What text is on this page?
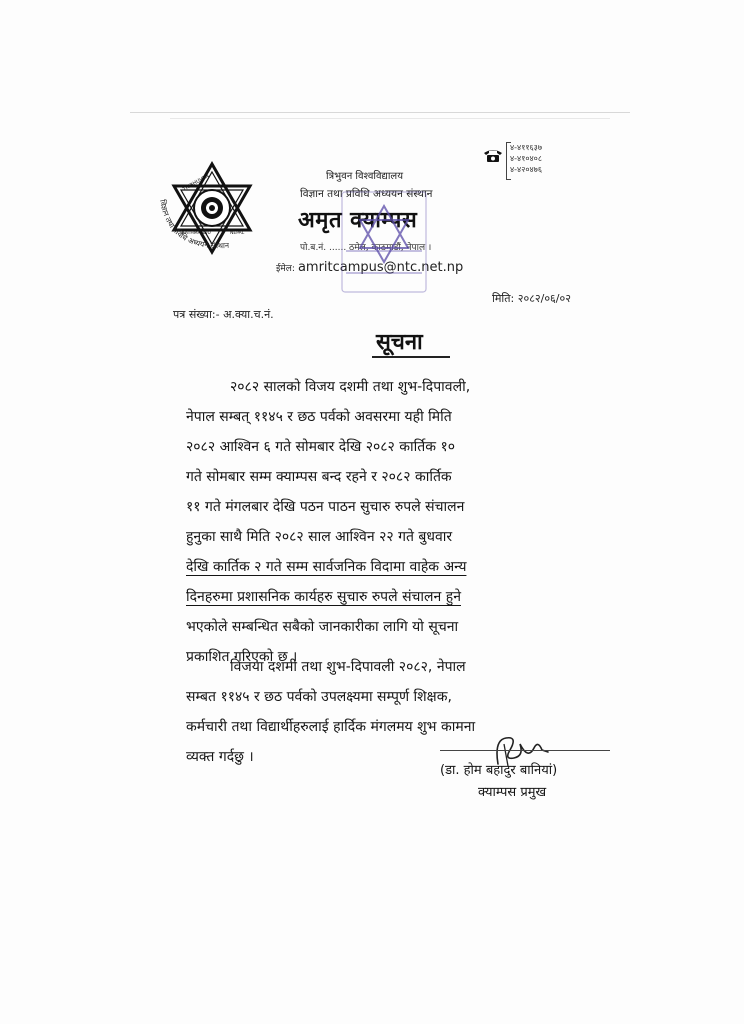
TRIBHUVAN
KATHMANDU	NEPAL
विज्ञान तथा प्रविधि अध्ययन संस्थान
त्रिभुवन विश्वविद्यालय
विज्ञान तथा प्रविधि अध्ययन संस्थान
अमृत क्याम्पस
पो.ब.नं. ...... ठमेल, काठमाडौं, नेपाल ।
ईमेल: amritcampus@ntc.net.np
४-४११६३७
४-४१०४०८
४-४२०४७६
पत्र संख्या:- अ.क्या.च.नं.
मिति: २०८२/०६/०२
सूचना
२०८२ सालको विजय दशमी तथा शुभ-दिपावली,
नेपाल सम्बत् ११४५ र छठ पर्वको अवसरमा यही मिति
२०८२ आश्विन ६ गते सोमबार देखि २०८२ कार्तिक १०
गते सोमबार सम्म क्याम्पस बन्द रहने र २०८२ कार्तिक
११ गते मंगलबार देखि पठन पाठन सुचारु रुपले संचालन
हुनुका साथै मिति २०८२ साल आश्विन २२ गते बुधवार
देखि कार्तिक २ गते सम्म सार्वजनिक विदामा वाहेक अन्य
दिनहरुमा प्रशासनिक कार्यहरु सुचारु रुपले संचालन हुने
भएकोले सम्बन्धित सबैको जानकारीका लागि यो सूचना
प्रकाशित गरिएको छ ।
विजया दशमी तथा शुभ-दिपावली २०८२, नेपाल
सम्बत ११४५ र छठ पर्वको उपलक्ष्यमा सम्पूर्ण शिक्षक,
कर्मचारी तथा विद्यार्थीहरुलाई हार्दिक मंगलमय शुभ कामना
व्यक्त गर्दछु ।
(डा. होम बहादुर बानियां)
क्याम्पस प्रमुख
